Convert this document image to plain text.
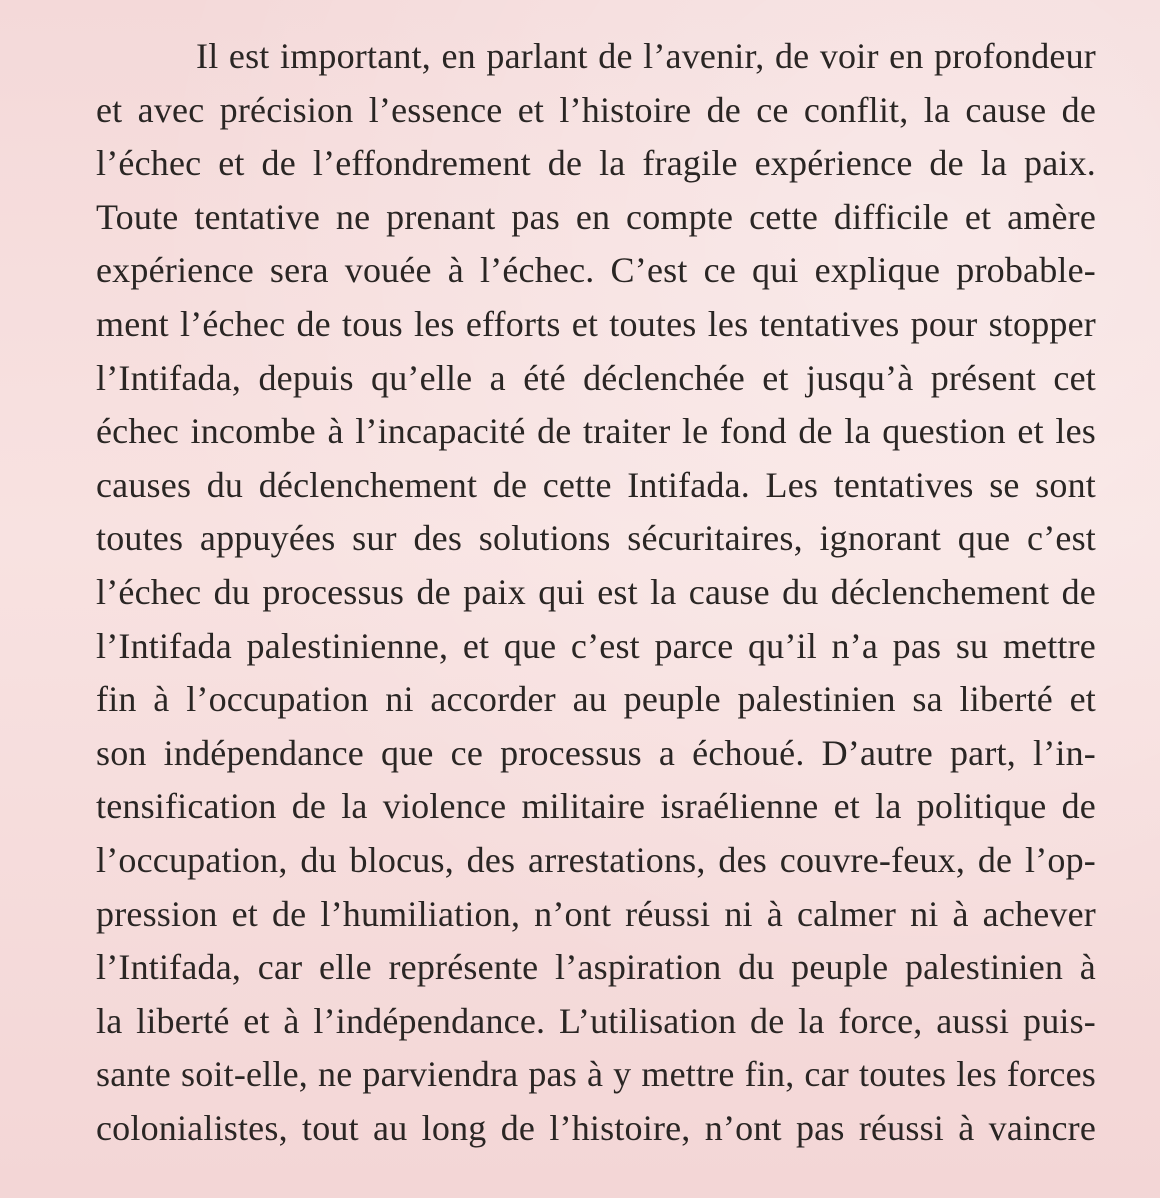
Il est important, en parlant de l’avenir, de voir en profondeur
et avec précision l’essence et l’histoire de ce conflit, la cause de
l’échec et de l’effondrement de la fragile expérience de la paix.
Toute tentative ne prenant pas en compte cette difficile et amère
expérience sera vouée à l’échec. C’est ce qui explique probable-
ment l’échec de tous les efforts et toutes les tentatives pour stopper
l’Intifada, depuis qu’elle a été déclenchée et jusqu’à présent cet
échec incombe à l’incapacité de traiter le fond de la question et les
causes du déclenchement de cette Intifada. Les tentatives se sont
toutes appuyées sur des solutions sécuritaires, ignorant que c’est
l’échec du processus de paix qui est la cause du déclenchement de
l’Intifada palestinienne, et que c’est parce qu’il n’a pas su mettre
fin à l’occupation ni accorder au peuple palestinien sa liberté et
son indépendance que ce processus a échoué. D’autre part, l’in-
tensification de la violence militaire israélienne et la politique de
l’occupation, du blocus, des arrestations, des couvre-feux, de l’op-
pression et de l’humiliation, n’ont réussi ni à calmer ni à achever
l’Intifada, car elle représente l’aspiration du peuple palestinien à
la liberté et à l’indépendance. L’utilisation de la force, aussi puis-
sante soit-elle, ne parviendra pas à y mettre fin, car toutes les forces
colonialistes, tout au long de l’histoire, n’ont pas réussi à vaincre
